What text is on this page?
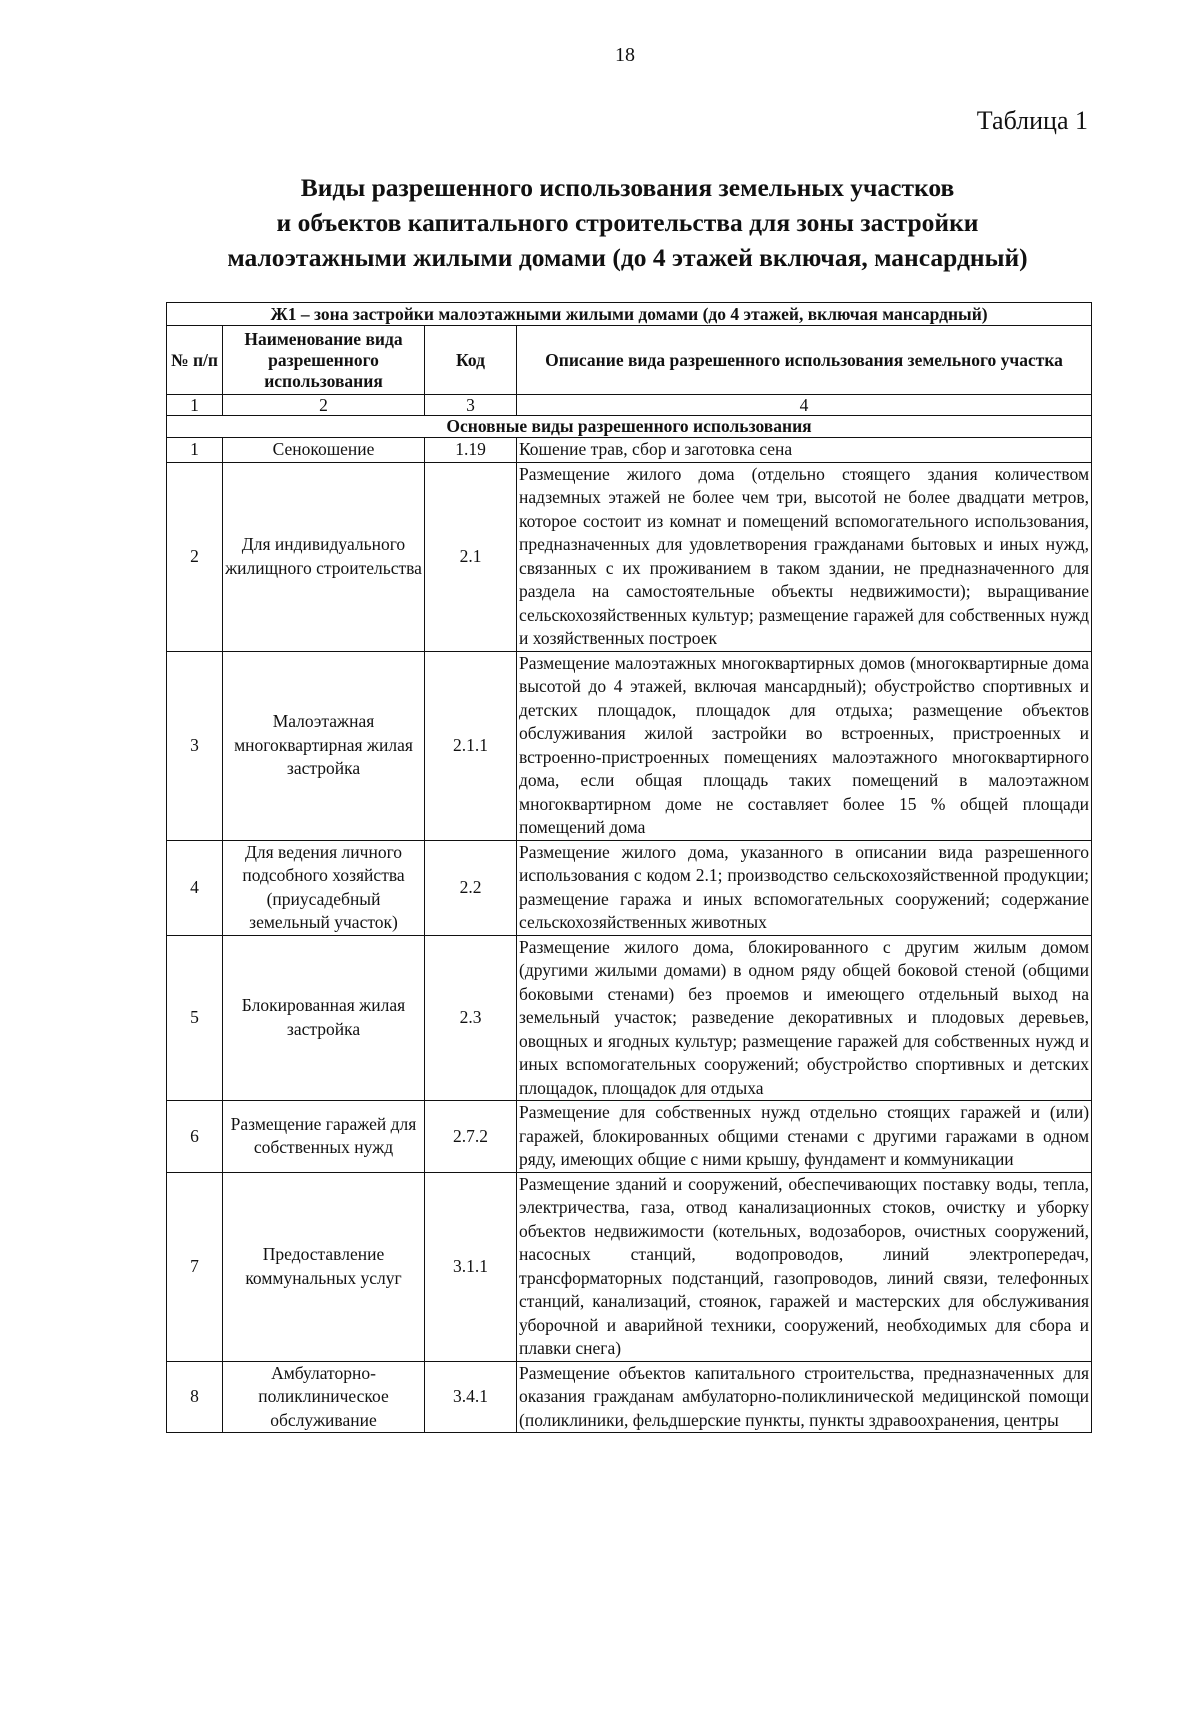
18
Таблица 1
Виды разрешенного использования земельных участков
и объектов капитального строительства для зоны застройки
малоэтажными жилыми домами (до 4 этажей включая, мансардный)
Ж1 – зона застройки малоэтажными жилыми домами (до 4 этажей, включая мансардный)			
№ п/п	Наименование вида разрешенного использования	Код	Описание вида разрешенного использования земельного участка
1	2	3	4
Основные виды разрешенного использования			
1	Сенокошение	1.19	Кошение трав, сбор и заготовка сена
2	Для индивидуального жилищного строительства	2.1	Размещение жилого дома (отдельно стоящего здания количеством надземных этажей не более чем три, высотой не более двадцати метров, которое состоит из комнат и помещений вспомогательного использования, предназначенных для удовлетворения гражданами бытовых и иных нужд, связанных с их проживанием в таком здании, не предназначенного для раздела на самостоятельные объекты недвижимости); выращивание сельскохозяйственных культур; размещение гаражей для собственных нужд и хозяйственных построек
3	Малоэтажная многоквартирная жилая застройка	2.1.1	Размещение малоэтажных многоквартирных домов (многоквартирные дома высотой до 4 этажей, включая мансардный); обустройство спортивных и детских площадок, площадок для отдыха; размещение объектов обслуживания жилой застройки во встроенных, пристроенных и встроенно-пристроенных помещениях малоэтажного многоквартирного дома, если общая площадь таких помещений в малоэтажном многоквартирном доме не составляет более 15 % общей площади помещений дома
4	Для ведения личного подсобного хозяйства (приусадебный земельный участок)	2.2	Размещение жилого дома, указанного в описании вида разрешенного использования с кодом 2.1; производство сельскохозяйственной продукции; размещение гаража и иных вспомогательных сооружений; содержание сельскохозяйственных животных
5	Блокированная жилая застройка	2.3	Размещение жилого дома, блокированного с другим жилым домом (другими жилыми домами) в одном ряду общей боковой стеной (общими боковыми стенами) без проемов и имеющего отдельный выход на земельный участок; разведение декоративных и плодовых деревьев, овощных и ягодных культур; размещение гаражей для собственных нужд и иных вспомогательных сооружений; обустройство спортивных и детских площадок, площадок для отдыха
6	Размещение гаражей для собственных нужд	2.7.2	Размещение для собственных нужд отдельно стоящих гаражей и (или) гаражей, блокированных общими стенами с другими гаражами в одном ряду, имеющих общие с ними крышу, фундамент и коммуникации
7	Предоставление коммунальных услуг	3.1.1	Размещение зданий и сооружений, обеспечивающих поставку воды, тепла, электричества, газа, отвод канализационных стоков, очистку и уборку объектов недвижимости (котельных, водозаборов, очистных сооружений, насосных станций, водопроводов, линий электропередач, трансформаторных подстанций, газопроводов, линий связи, телефонных станций, канализаций, стоянок, гаражей и мастерских для обслуживания уборочной и аварийной техники, сооружений, необходимых для сбора и плавки снега)
8	Амбулаторно-поликлиническое обслуживание	3.4.1	Размещение объектов капитального строительства, предназначенных для оказания гражданам амбулаторно-поликлинической медицинской помощи (поликлиники, фельдшерские пункты, пункты здравоохранения, центры
